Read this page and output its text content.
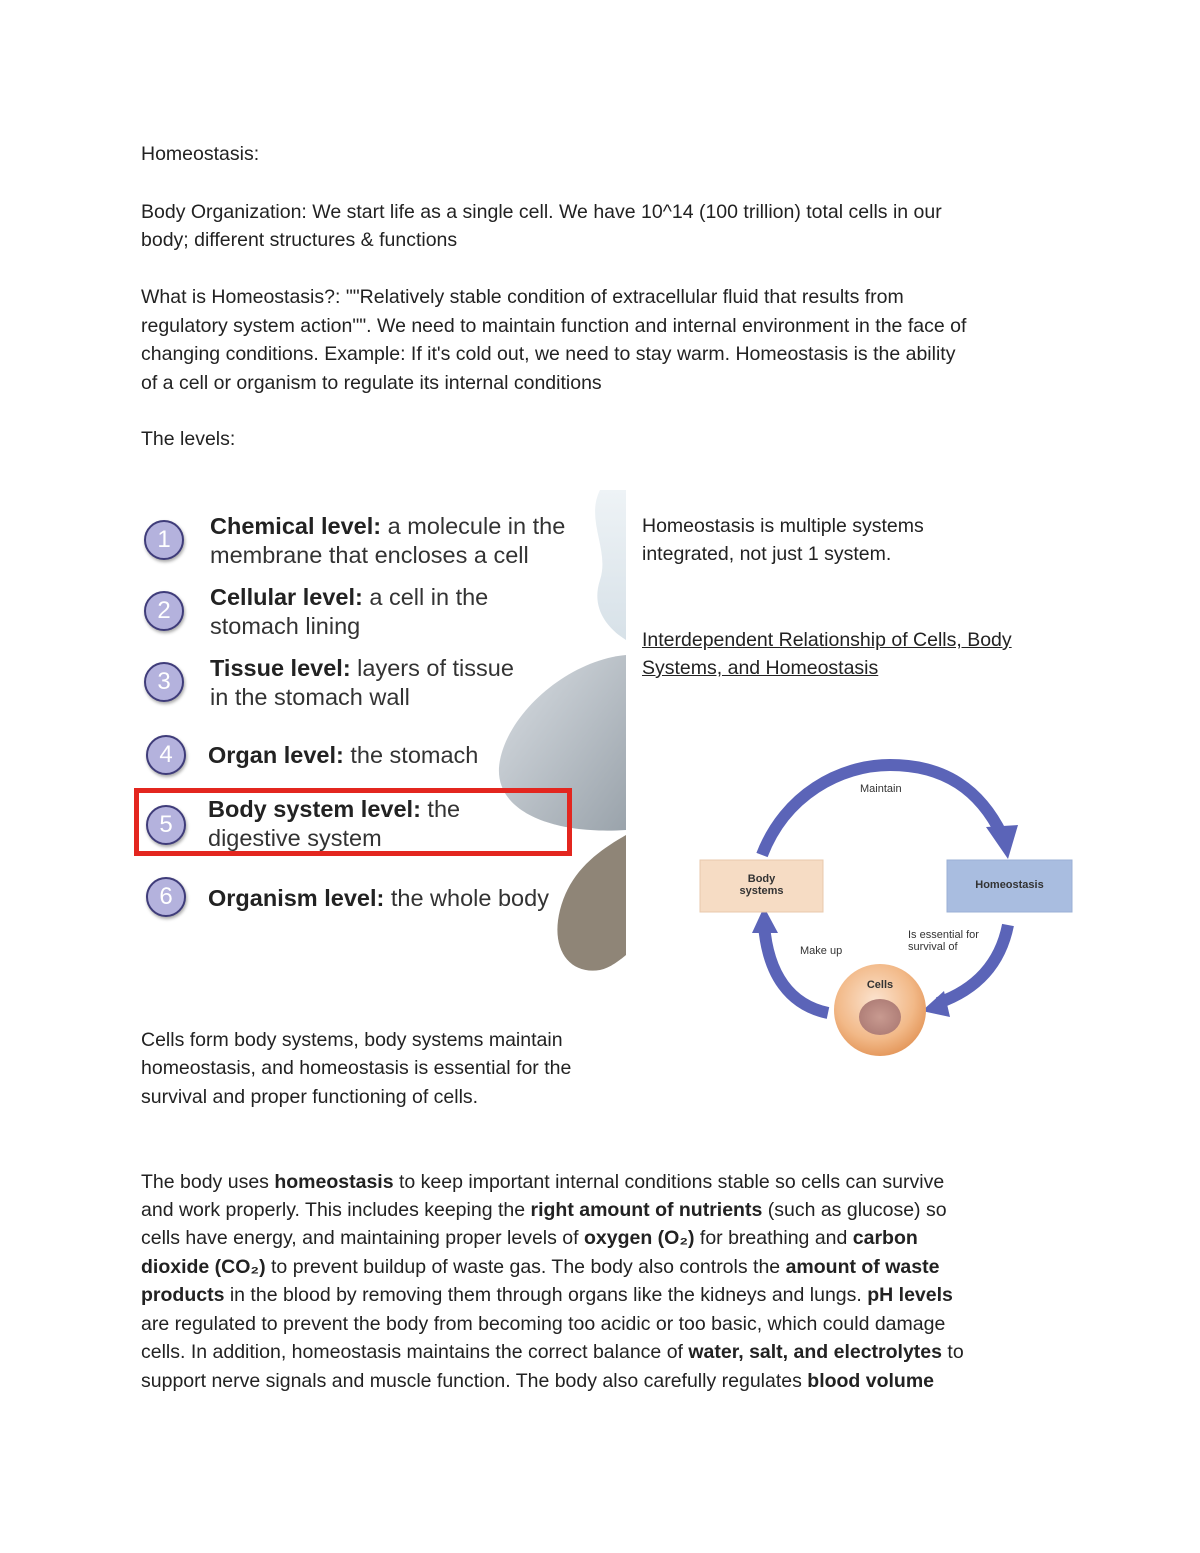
Homeostasis:

Body Organization: We start life as a single cell. We have 10^14 (100 trillion) total cells in our

body; different structures & functions

What is Homeostasis?: ""Relatively stable condition of extracellular fluid that results from

regulatory system action"". We need to maintain function and internal environment in the face of

changing conditions. Example: If it's cold out, we need to stay warm. Homeostasis is the ability

of a cell or organism to regulate its internal conditions

The levels:

1	Chemical level: a molecule in the
membrane that encloses a cell
2	Cellular level: a cell in the
stomach lining
3	Tissue level: layers of tissue
in the stomach wall
4	Organ level: the stomach
5
Body system level: the
digestive system
6	Organism level: the whole body

Homeostasis is multiple systems

integrated, not just 1 system.

Interdependent Relationship of Cells, Body

Systems, and Homeostasis

Maintain
Body
systems	Homeostasis
Is essential for
survival of
Make up
Cells

Cells form body systems, body systems maintain

homeostasis, and homeostasis is essential for the

survival and proper functioning of cells.

The body uses homeostasis to keep important internal conditions stable so cells can survive

and work properly. This includes keeping the right amount of nutrients (such as glucose) so

cells have energy, and maintaining proper levels of oxygen (O₂) for breathing and carbon

dioxide (CO₂) to prevent buildup of waste gas. The body also controls the amount of waste

products in the blood by removing them through organs like the kidneys and lungs. pH levels

are regulated to prevent the body from becoming too acidic or too basic, which could damage

cells. In addition, homeostasis maintains the correct balance of water, salt, and electrolytes to

support nerve signals and muscle function. The body also carefully regulates blood volume
